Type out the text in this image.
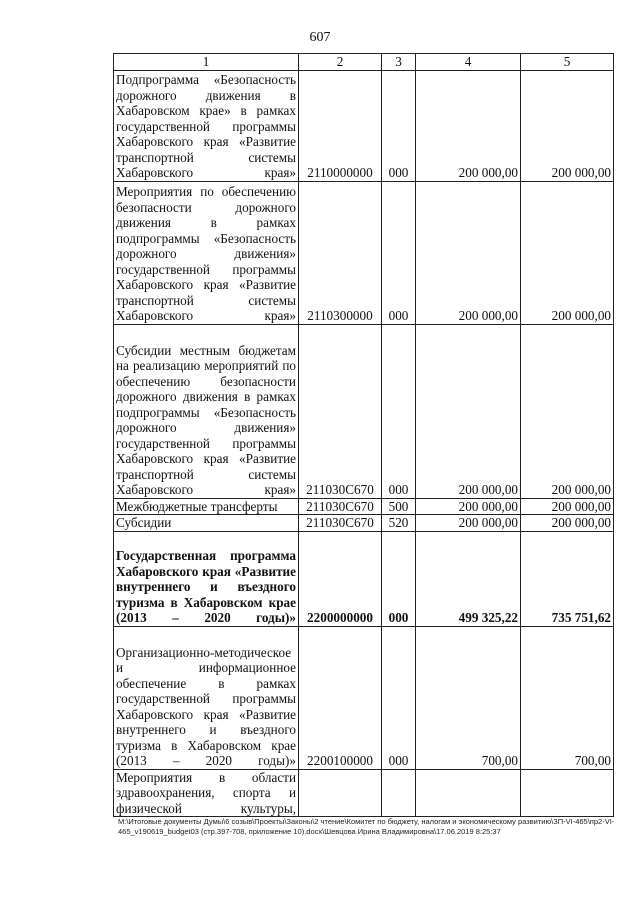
607
1	2	3	4	5
Подпрограмма «Безопасность дорожного движения в Хабаровском крае» в рамках государственной программы Хабаровского края «Развитие транспортной системы Хабаровского края»	2110000000	000	200 000,00	200 000,00
Мероприятия по обеспечению безопасности дорожного движения в рамках подпрограммы «Безопасность дорожного движения» государственной программы Хабаровского края «Развитие транспортной системы Хабаровского края»	2110300000	000	200 000,00	200 000,00
Субсидии местным бюджетам на реализацию мероприятий по обеспечению безопасности дорожного движения в рамках подпрограммы «Безопасность дорожного движения» государственной программы Хабаровского края «Развитие транспортной системы Хабаровского края»	211030С670	000	200 000,00	200 000,00
Межбюджетные трансферты	211030С670	500	200 000,00	200 000,00
Субсидии	211030С670	520	200 000,00	200 000,00
Государственная программа Хабаровского края «Развитие внутреннего и въездного туризма в Хабаровском крае (2013 – 2020 годы)»	2200000000	000	499 325,22	735 751,62
Организационно-методическое и информационное обеспечение в рамках государственной программы Хабаровского края «Развитие внутреннего и въездного туризма в Хабаровском крае (2013 – 2020 годы)»	2200100000	000	700,00	700,00
Мероприятия в области здравоохранения, спорта и физической культуры,				
М:\Итоговые документы Думы\6 созыв\Проекты\Законы\2 чтение\Комитет по бюджету, налогам и экономическому развитию\ЗП-VI-465\пр2-VI-465_v190619_budget03 (стр.397-708, приложение 10).docx\Шевцова Ирина Владимировна\17.06.2019 8:25:37
